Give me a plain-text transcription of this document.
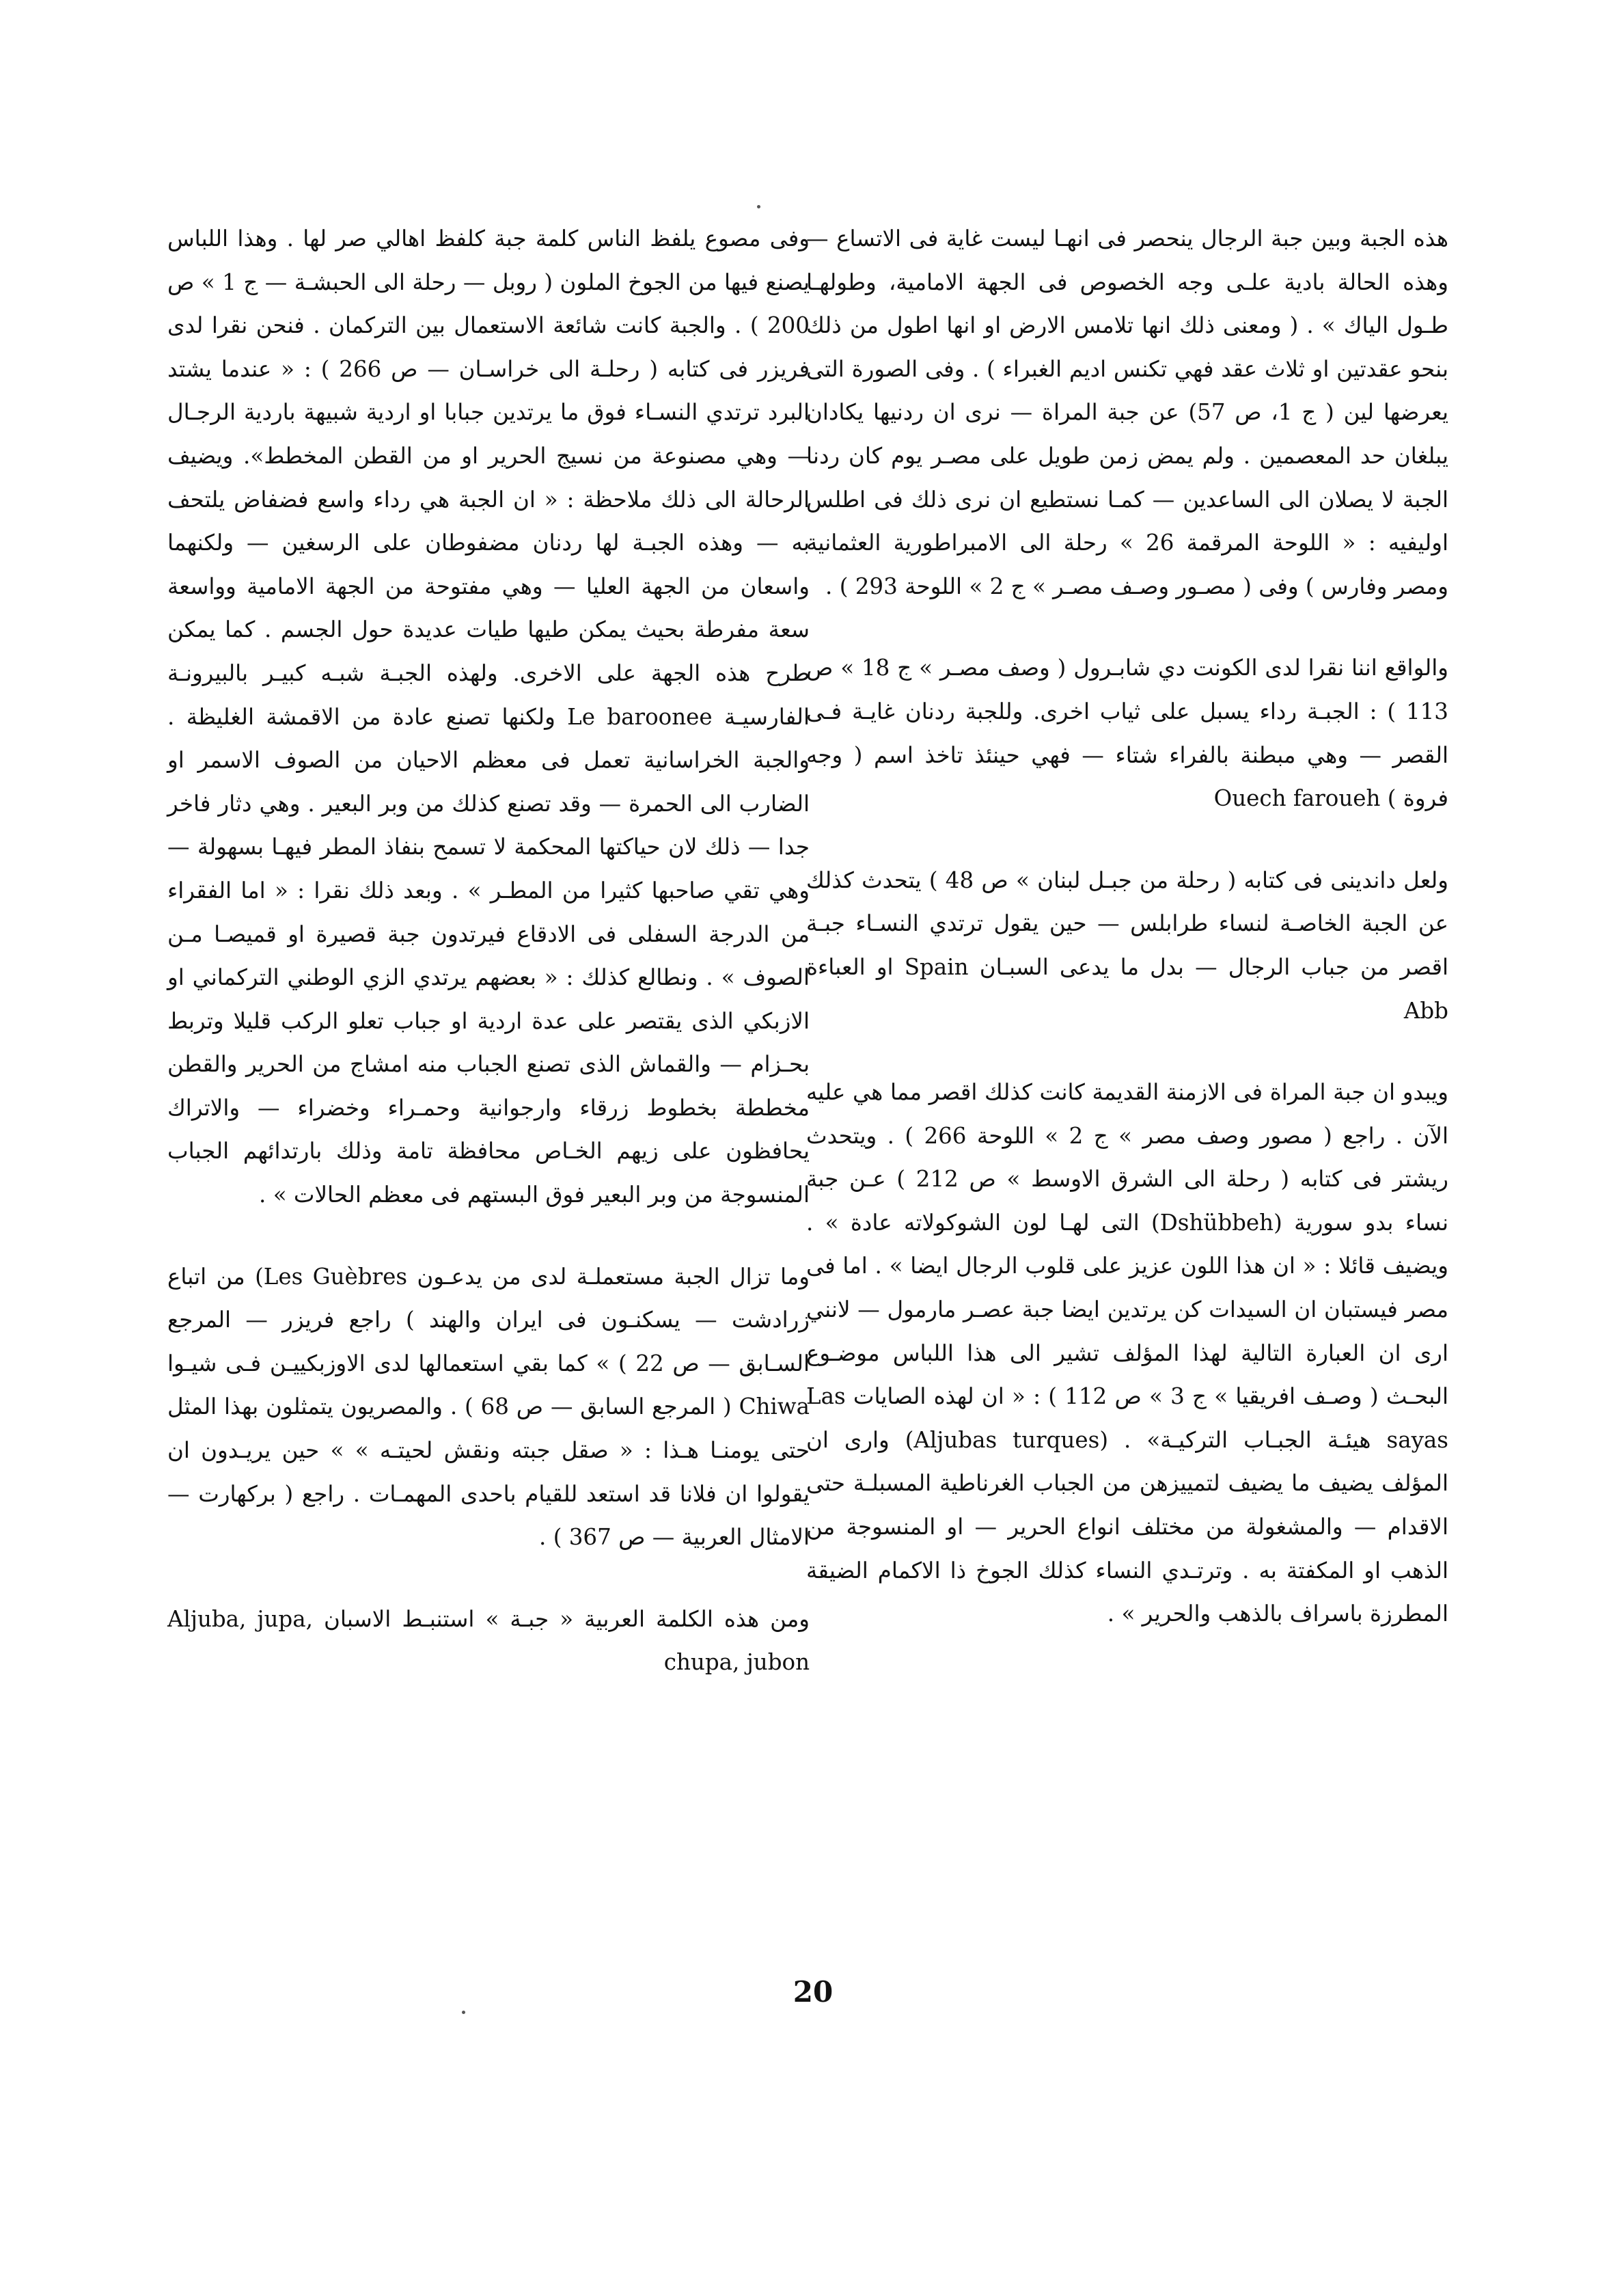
هذه الجبة وبين جبة الرجال ينحصر فى انهـا ليست غاية فى الاتساع — وهذه الحالة بادية علـى وجه الخصوص فى الجهة الامامية، وطولهـا طـول الياك » . ( ومعنى ذلك انها تلامس الارض او انها اطول من ذلك بنحو عقدتين او ثلاث عقد فهي تكنس اديم الغبراء ) . وفى الصورة التى يعرضها لين ( ج 1، ص 57) عن جبة المراة — نرى ان ردنيها يكادان يبلغان حد المعصمين . ولم يمض زمن طويل على مصـر يوم كان ردنا الجبة لا يصلان الى الساعدين — كمـا نستطيع ان نرى ذلك فى اطلس اوليفيه : « اللوحة المرقمة 26 » رحلة الى الامبراطورية العثمانية ومصر وفارس ) وفى ( مصـور وصـف مصـر » ج 2 » اللوحة 293 ) .

والواقع اننا نقرا لدى الكونت دي شابـرول ( وصف مصـر » ج 18 » ص 113 ) : الجبـة رداء يسبل على ثياب اخرى. وللجبة ردنان غايـة فـى القصر — وهي مبطنة بالفراء شتاء — فهي حينئذ تاخذ اسم ( وجه فروة ) Ouech faroueh

ولعل داندينى فى كتابه ( رحلة من جبـل لبنان » ص 48 ) يتحدث كذلك عن الجبة الخاصـة لنساء طرابلس — حين يقول ترتدي النسـاء جبـة اقصر من جباب الرجال — بدل ما يدعى السبـان Spain او العباءة Abb

ويبدو ان جبة المراة فى الازمنة القديمة كانت كذلك اقصر مما هي عليه الآن . راجع ( مصور وصف مصر » ج 2 » اللوحة 266 ) . ويتحدث ريشتر فى كتابه ( رحلة الى الشرق الاوسط » ص 212 ) عـن جبة نساء بدو سورية (Dshübbeh) التى لهـا لون الشوكولاته عادة » . ويضيف قائلا : « ان هذا اللون عزيز على قلوب الرجال ايضا » . اما فى مصر فيستبان ان السيدات كن يرتدين ايضا جبة عصـر مارمول — لانني ارى ان العبارة التالية لهذا المؤلف تشير الى هذا اللباس موضـوع البحـث ( وصـف افريقيا » ج 3 » ص 112 ) : « ان لهذه الصايات Las sayas هيئـة الجبـاب التركيـة» . (Aljubas turques) وارى ان المؤلف يضيف ما يضيف لتمييزهن من الجباب الغرناطية المسبلـة حتى الاقدام — والمشغولة من مختلف انواع الحرير — او المنسوجة من الذهب او المكفتة به . وترتـدي النساء كذلك الجوخ ذا الاكمام الضيقة المطرزة باسراف بالذهب والحرير » .

وفى مصوع يلفظ الناس كلمة جبة كلفظ اهالي صر لها . وهذا اللباس يصنع فيها من الجوخ الملون ( روبل — رحلة الى الحبشـة — ج 1 » ص 200 ) . والجبة كانت شائعة الاستعمال بين التركمان . فنحن نقرا لدى فريزر فى كتابه ( رحلـة الى خراسـان — ص 266 ) : « عندما يشتد البرد ترتدي النسـاء فوق ما يرتدين جبابا او اردية شبيهة باردية الرجـال — وهي مصنوعة من نسيج الحرير او من القطن المخطط». ويضيف الرحالة الى ذلك ملاحظة : « ان الجبة هي رداء واسع فضفاض يلتحف به — وهذه الجبـة لها ردنان مضفوطان على الرسغين — ولكنهما واسعان من الجهة العليا — وهي مفتوحة من الجهة الامامية وواسعة سعة مفرطة بحيث يمكن طيها طيات عديدة حول الجسم . كما يمكن طرح هذه الجهة على الاخرى. ولهذه الجبـة شبـه كبيـر بالبيرونـة الفارسيـة Le baroonee ولكنها تصنع عادة من الاقمشة الغليظة . والجبة الخراسانية تعمل فى معظم الاحيان من الصوف الاسمر او الضارب الى الحمرة — وقد تصنع كذلك من وبر البعير . وهي دثار فاخر جدا — ذلك لان حياكتها المحكمة لا تسمح بنفاذ المطر فيهـا بسهولة — وهي تقي صاحبها كثيرا من المطـر » . وبعد ذلك نقرا : « اما الفقراء من الدرجة السفلى فى الادقاع فيرتدون جبة قصيرة او قميصـا مـن الصوف » . ونطالع كذلك : « بعضهم يرتدي الزي الوطني التركماني او الازبكي الذى يقتصر على عدة اردية او جباب تعلو الركب قليلا وتربط بحـزام — والقماش الذى تصنع الجباب منه امشاج من الحرير والقطن مخططة بخطوط زرقاء وارجوانية وحمـراء وخضراء — والاتراك يحافظون على زيهم الخـاص محافظة تامة وذلك بارتدائهم الجباب المنسوجة من وبر البعير فوق البستهم فى معظم الحالات » .

وما تزال الجبة مستعملـة لدى من يدعـون Les Guèbres) من اتباع زرادشت — يسكنـون فى ايران والهند ) راجع فريزر — المرجع السـابق — ص 22 ) » كما بقي استعمالها لدى الاوزبكييـن فـى شيـوا Chiwa ( المرجع السابق — ص 68 ) . والمصريون يتمثلون بهذا المثل حتى يومنـا هـذا : « صقل جبته ونقش لحيتـه » » حين يريـدون ان يقولوا ان فلانا قد استعد للقيام باحدى المهمـات . راجع ( بركهارت — الامثال العربية — ص 367 ) .

ومن هذه الكلمة العربية « جبـة » استنبـط الاسبان Aljuba, jupa, chupa, jubon

20
